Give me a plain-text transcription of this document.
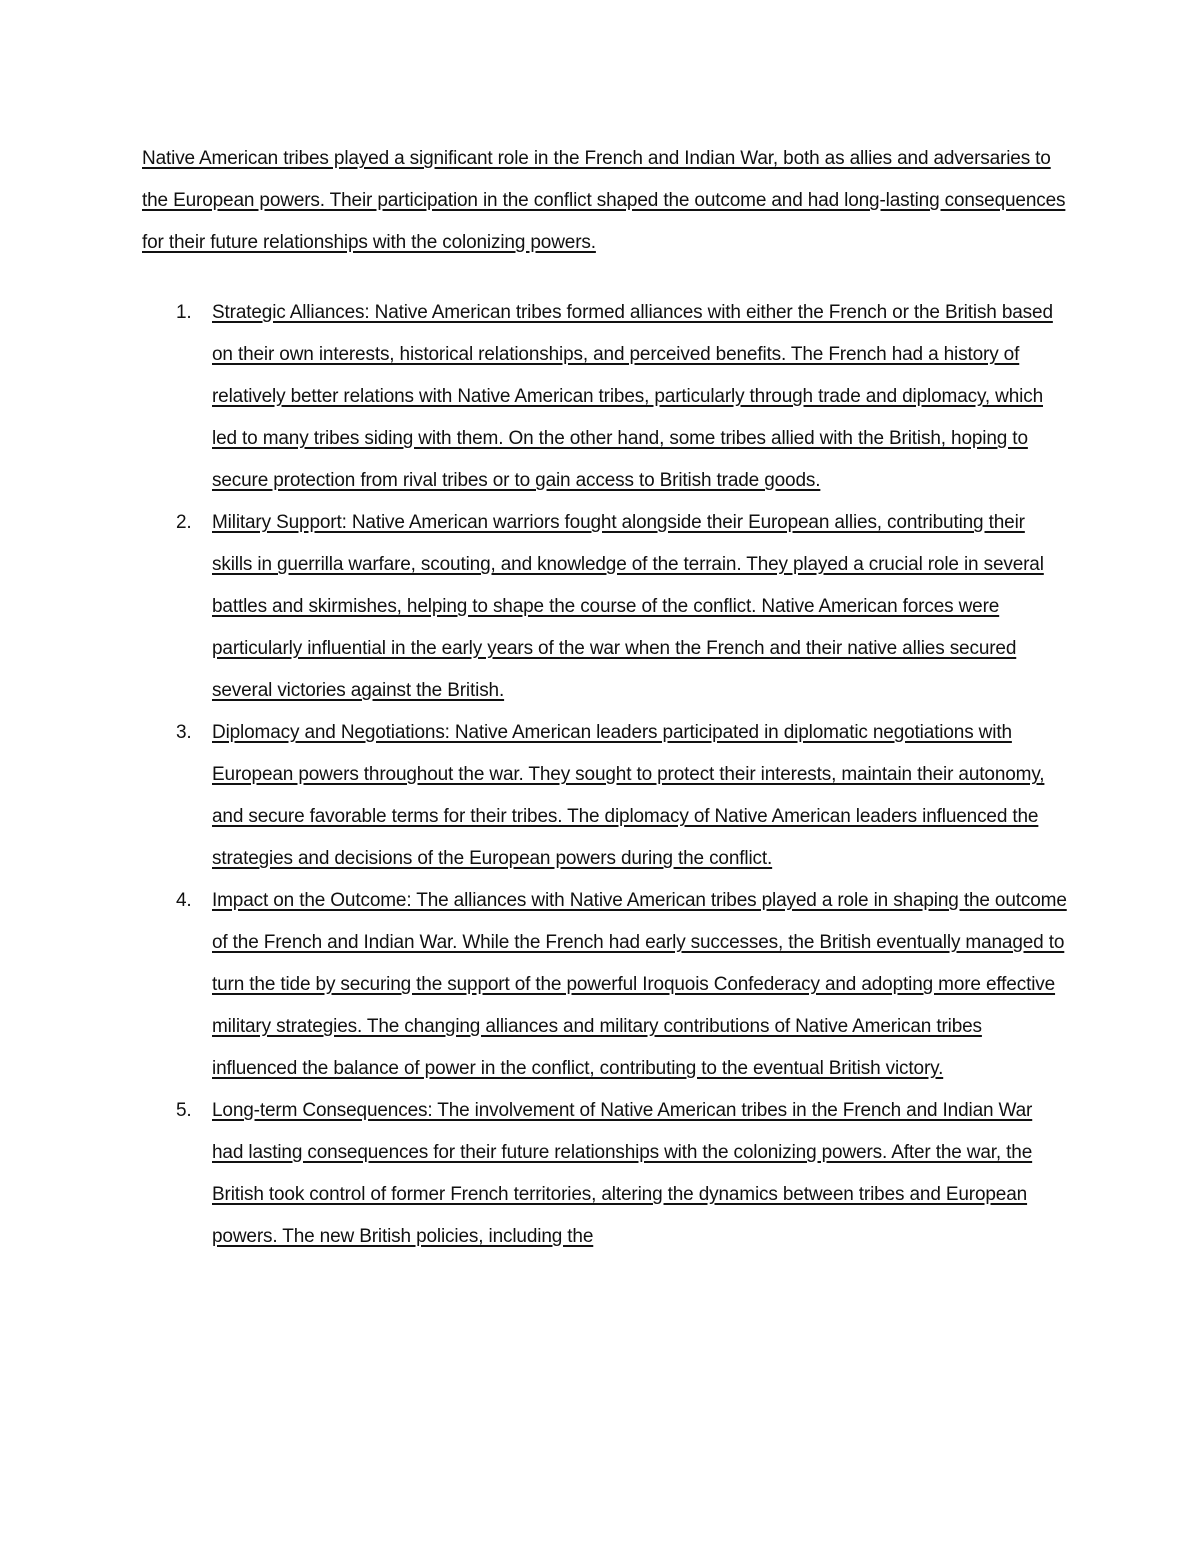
Native American tribes played a significant role in the French and Indian War, both as allies and adversaries to the European powers. Their participation in the conflict shaped the outcome and had long-lasting consequences for their future relationships with the colonizing powers.

1.	Strategic Alliances: Native American tribes formed alliances with either the French or the British based on their own interests, historical relationships, and perceived benefits. The French had a history of relatively better relations with Native American tribes, particularly through trade and diplomacy, which led to many tribes siding with them. On the other hand, some tribes allied with the British, hoping to secure protection from rival tribes or to gain access to British trade goods.
2.	Military Support: Native American warriors fought alongside their European allies, contributing their skills in guerrilla warfare, scouting, and knowledge of the terrain. They played a crucial role in several battles and skirmishes, helping to shape the course of the conflict. Native American forces were particularly influential in the early years of the war when the French and their native allies secured several victories against the British.
3.	Diplomacy and Negotiations: Native American leaders participated in diplomatic negotiations with European powers throughout the war. They sought to protect their interests, maintain their autonomy, and secure favorable terms for their tribes. The diplomacy of Native American leaders influenced the strategies and decisions of the European powers during the conflict.
4.	Impact on the Outcome: The alliances with Native American tribes played a role in shaping the outcome of the French and Indian War. While the French had early successes, the British eventually managed to turn the tide by securing the support of the powerful Iroquois Confederacy and adopting more effective military strategies. The changing alliances and military contributions of Native American tribes influenced the balance of power in the conflict, contributing to the eventual British victory.
5.	Long-term Consequences: The involvement of Native American tribes in the French and Indian War had lasting consequences for their future relationships with the colonizing powers. After the war, the British took control of former French territories, altering the dynamics between tribes and European powers. The new British policies, including the
